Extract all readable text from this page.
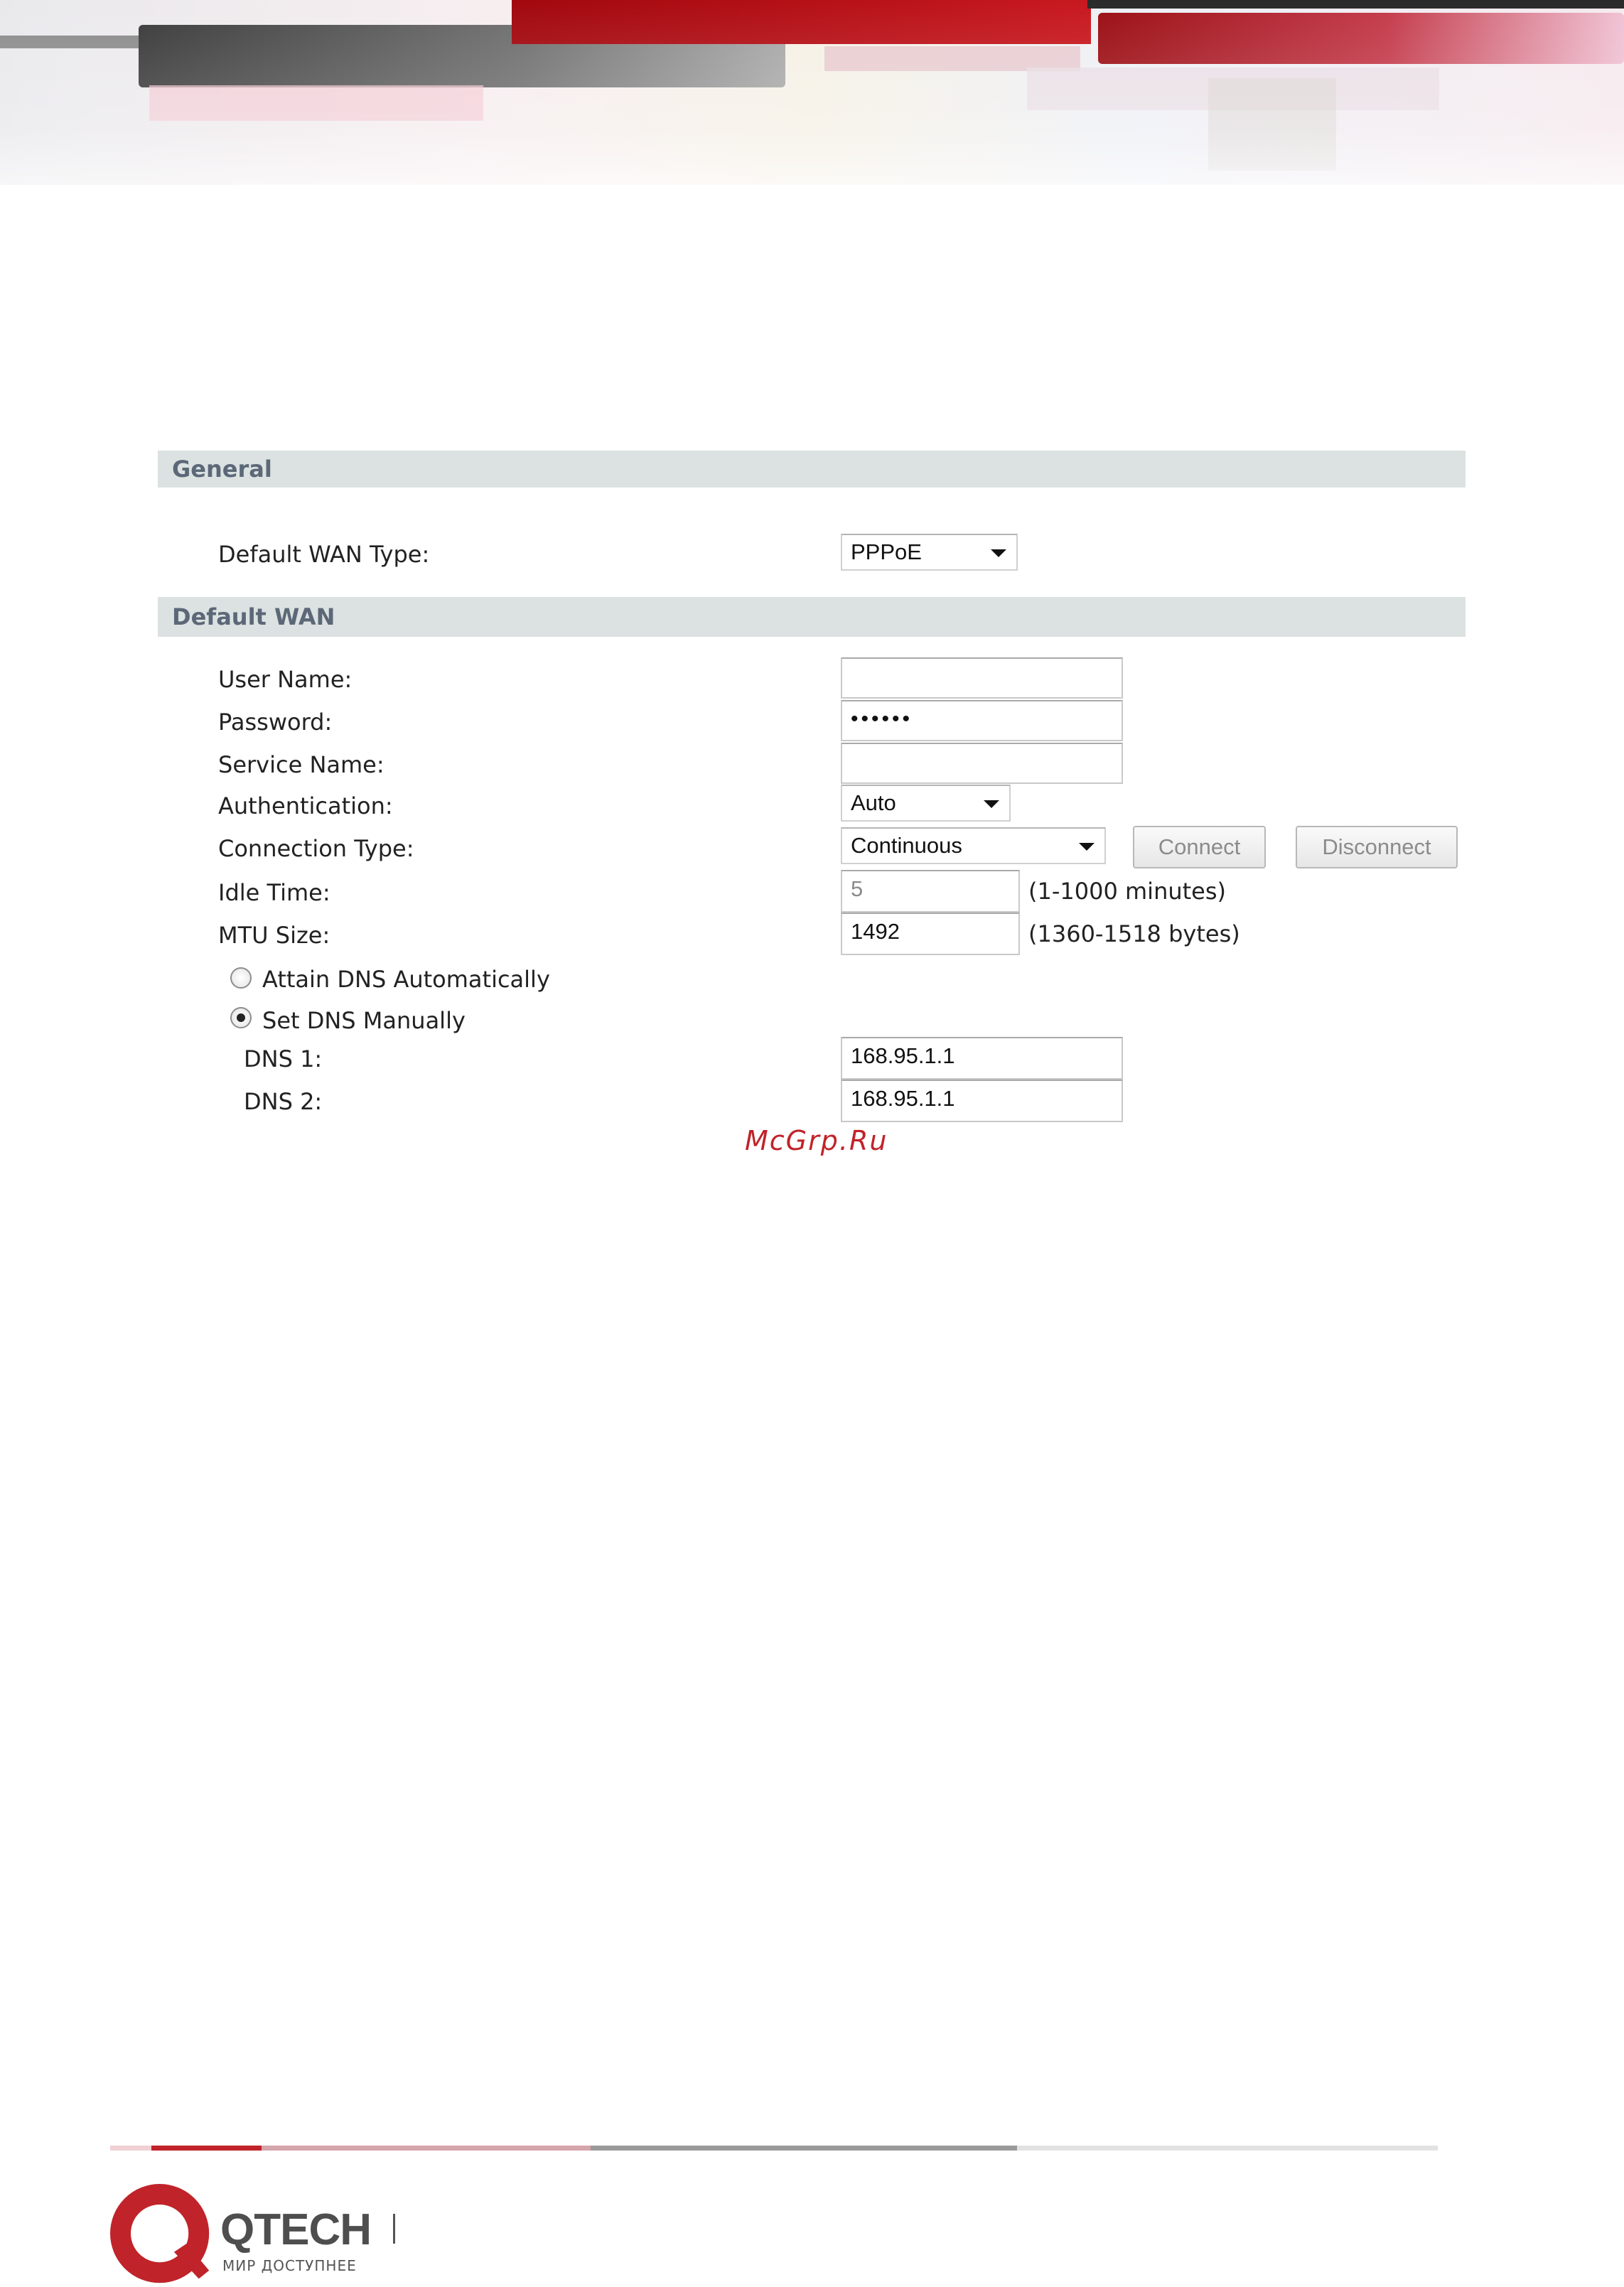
General
Default WAN Type:	PPPoE
Default WAN
User Name:
Password:	••••••
Service Name:
Authentication:	Auto
Connection Type:	Continuous	Connect	Disconnect
Idle Time:	5	(1-1000 minutes)
MTU Size:	1492	(1360-1518 bytes)
Attain DNS Automatically
Set DNS Manually
DNS 1:	168.95.1.1
DNS 2:	168.95.1.1
McGrp.Ru
QTECH
МИР ДОСТУПНЕЕ
